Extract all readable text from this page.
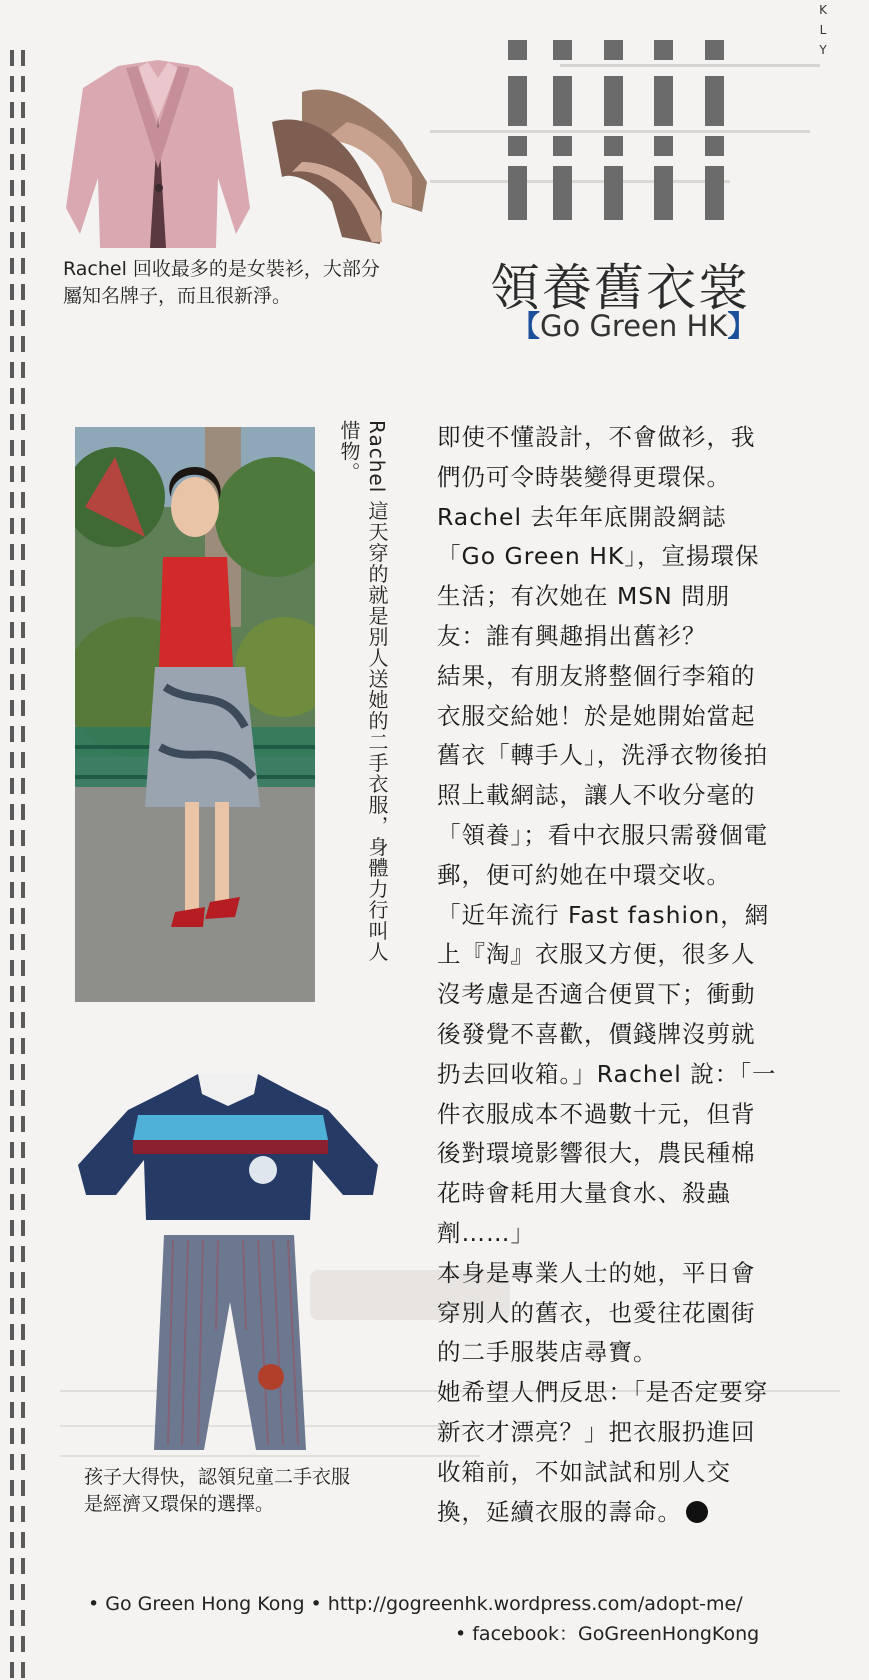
KLY
Rachel 回收最多的是女裝衫，大部分
屬知名牌子，而且很新淨。	領養舊衣裳
【Go Green HK】
Rachel 這天穿的就是別人送她的二手衣服，身體力行叫人惜物。
孩子大得快，認領兒童二手衣服
是經濟又環保的選擇。

即使不懂設計，不會做衫，我們仍可令時裝變得更環保。Rachel 去年年底開設網誌「Go Green HK」，宣揚環保生活；有次她在 MSN 問朋友：誰有興趣捐出舊衫？

結果，有朋友將整個行李箱的衣服交給她！於是她開始當起舊衣「轉手人」，洗淨衣物後拍照上載網誌，讓人不收分毫的「領養」；看中衣服只需發個電郵，便可約她在中環交收。

「近年流行 Fast fashion，網上『淘』衣服又方便，很多人沒考慮是否適合便買下；衝動後發覺不喜歡，價錢牌沒剪就扔去回收箱。」Rachel 說：「一件衣服成本不過數十元，但背後對環境影響很大，農民種棉花時會耗用大量食水、殺蟲劑……」

本身是專業人士的她，平日會穿別人的舊衣，也愛往花園街的二手服裝店尋寶。

她希望人們反思：「是否定要穿新衣才漂亮？」把衣服扔進回收箱前，不如試試和別人交換，延續衣服的壽命。

• Go Green Hong Kong • http://gogreenhk.wordpress.com/adopt-me/
• facebook：GoGreenHongKong
